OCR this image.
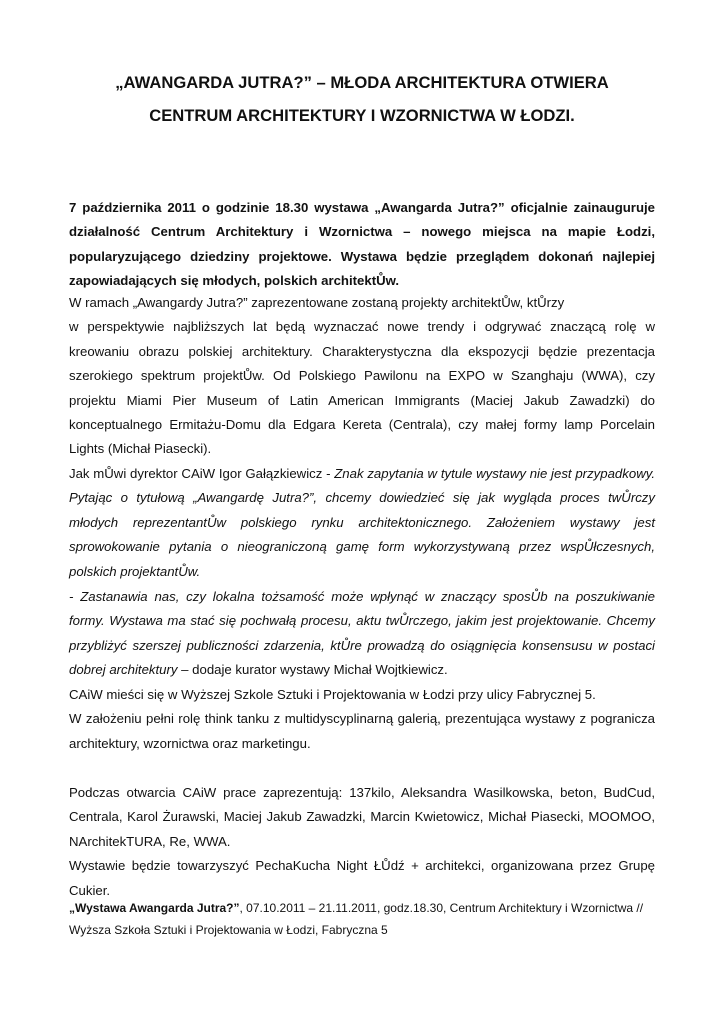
„AWANGARDA JUTRA?” – MŁODA ARCHITEKTURA OTWIERA
CENTRUM ARCHITEKTURY I WZORNICTWA W ŁODZI.

7 października 2011 o godzinie 18.30 wystawa „Awangarda Jutra?” oficjalnie zainauguruje działalność Centrum Architektury i Wzornictwa – nowego miejsca na mapie Łodzi, popularyzującego dziedziny projektowe. Wystawa będzie przeglądem dokonań najlepiej zapowiadających się młodych, polskich architektŮw.

W ramach „Awangardy Jutra?” zaprezentowane zostaną projekty architektŮw, ktŮrzy
w perspektywie najbliższych lat będą wyznaczać nowe trendy i odgrywać znaczącą rolę w kreowaniu obrazu polskiej architektury. Charakterystyczna dla ekspozycji będzie prezentacja szerokiego spektrum projektŮw. Od Polskiego Pawilonu na EXPO w Szanghaju (WWA), czy projektu Miami Pier Museum of Latin American Immigrants (Maciej Jakub Zawadzki) do konceptualnego Ermitażu-Domu dla Edgara Kereta (Centrala), czy małej formy lamp Porcelain Lights (Michał Piasecki).

Jak mŮwi dyrektor CAiW Igor Gałązkiewicz - Znak zapytania w tytule wystawy nie jest przypadkowy. Pytając o tytułową „Awangardę Jutra?”, chcemy dowiedzieć się jak wygląda proces twŮrczy młodych reprezentantŮw polskiego rynku architektonicznego. Założeniem wystawy jest sprowokowanie pytania o nieograniczoną gamę form wykorzystywaną przez wspŮłczesnych, polskich projektantŮw.

- Zastanawia nas, czy lokalna tożsamość może wpłynąć w znaczący sposŮb na poszukiwanie formy. Wystawa ma stać się pochwałą procesu, aktu twŮrczego, jakim jest projektowanie. Chcemy przybliżyć szerszej publiczności zdarzenia, ktŮre prowadzą do osiągnięcia konsensusu w postaci dobrej architektury – dodaje kurator wystawy Michał Wojtkiewicz.

CAiW mieści się w Wyższej Szkole Sztuki i Projektowania w Łodzi przy ulicy Fabrycznej 5.
W założeniu pełni rolę think tanku z multidyscyplinarną galerią, prezentująca wystawy z pogranicza architektury, wzornictwa oraz marketingu.
Podczas otwarcia CAiW prace zaprezentują: 137kilo, Aleksandra Wasilkowska, beton, BudCud, Centrala, Karol Żurawski, Maciej Jakub Zawadzki, Marcin Kwietowicz, Michał Piasecki, MOOMOO, NArchitekTURA, Re, WWA.
Wystawie będzie towarzyszyć PechaKucha Night ŁŮdź + architekci, organizowana przez Grupę Cukier.
„Wystawa Awangarda Jutra?”, 07.10.2011 – 21.11.2011, godz.18.30, Centrum Architektury i Wzornictwa //
Wyższa Szkoła Sztuki i Projektowania w Łodzi, Fabryczna 5
